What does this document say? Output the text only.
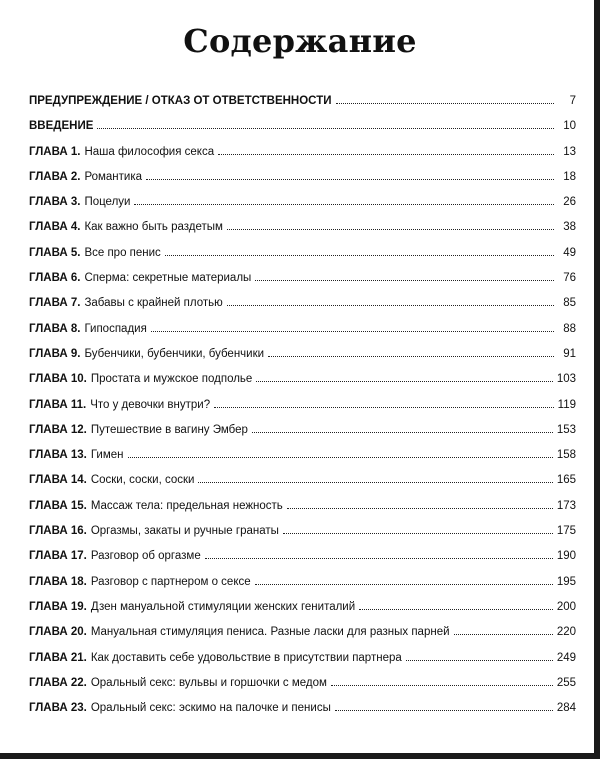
Содержание
ПРЕДУПРЕЖДЕНИЕ / ОТКАЗ ОТ ОТВЕТСТВЕННОСТИ	7
ВВЕДЕНИЕ	10
ГЛАВА 1. Наша философия секса	13
ГЛАВА 2. Романтика	18
ГЛАВА 3. Поцелуи	26
ГЛАВА 4. Как важно быть раздетым	38
ГЛАВА 5. Все про пенис	49
ГЛАВА 6. Сперма: секретные материалы	76
ГЛАВА 7. Забавы с крайней плотью	85
ГЛАВА 8. Гипоспадия	88
ГЛАВА 9. Бубенчики, бубенчики, бубенчики	91
ГЛАВА 10. Простата и мужское подполье	103
ГЛАВА 11. Что у девочки внутри?	119
ГЛАВА 12. Путешествие в вагину Эмбер	153
ГЛАВА 13. Гимен	158
ГЛАВА 14. Соски, соски, соски	165
ГЛАВА 15. Массаж тела: предельная нежность	173
ГЛАВА 16. Оргазмы, закаты и ручные гранаты	175
ГЛАВА 17. Разговор об оргазме	190
ГЛАВА 18. Разговор с партнером о сексе	195
ГЛАВА 19. Дзен мануальной стимуляции женских гениталий	200
ГЛАВА 20. Мануальная стимуляция пениса. Разные ласки для разных парней	220
ГЛАВА 21. Как доставить себе удовольствие в присутствии партнера	249
ГЛАВА 22. Оральный секс: вульвы и горшочки с медом	255
ГЛАВА 23. Оральный секс: эскимо на палочке и пенисы	284
